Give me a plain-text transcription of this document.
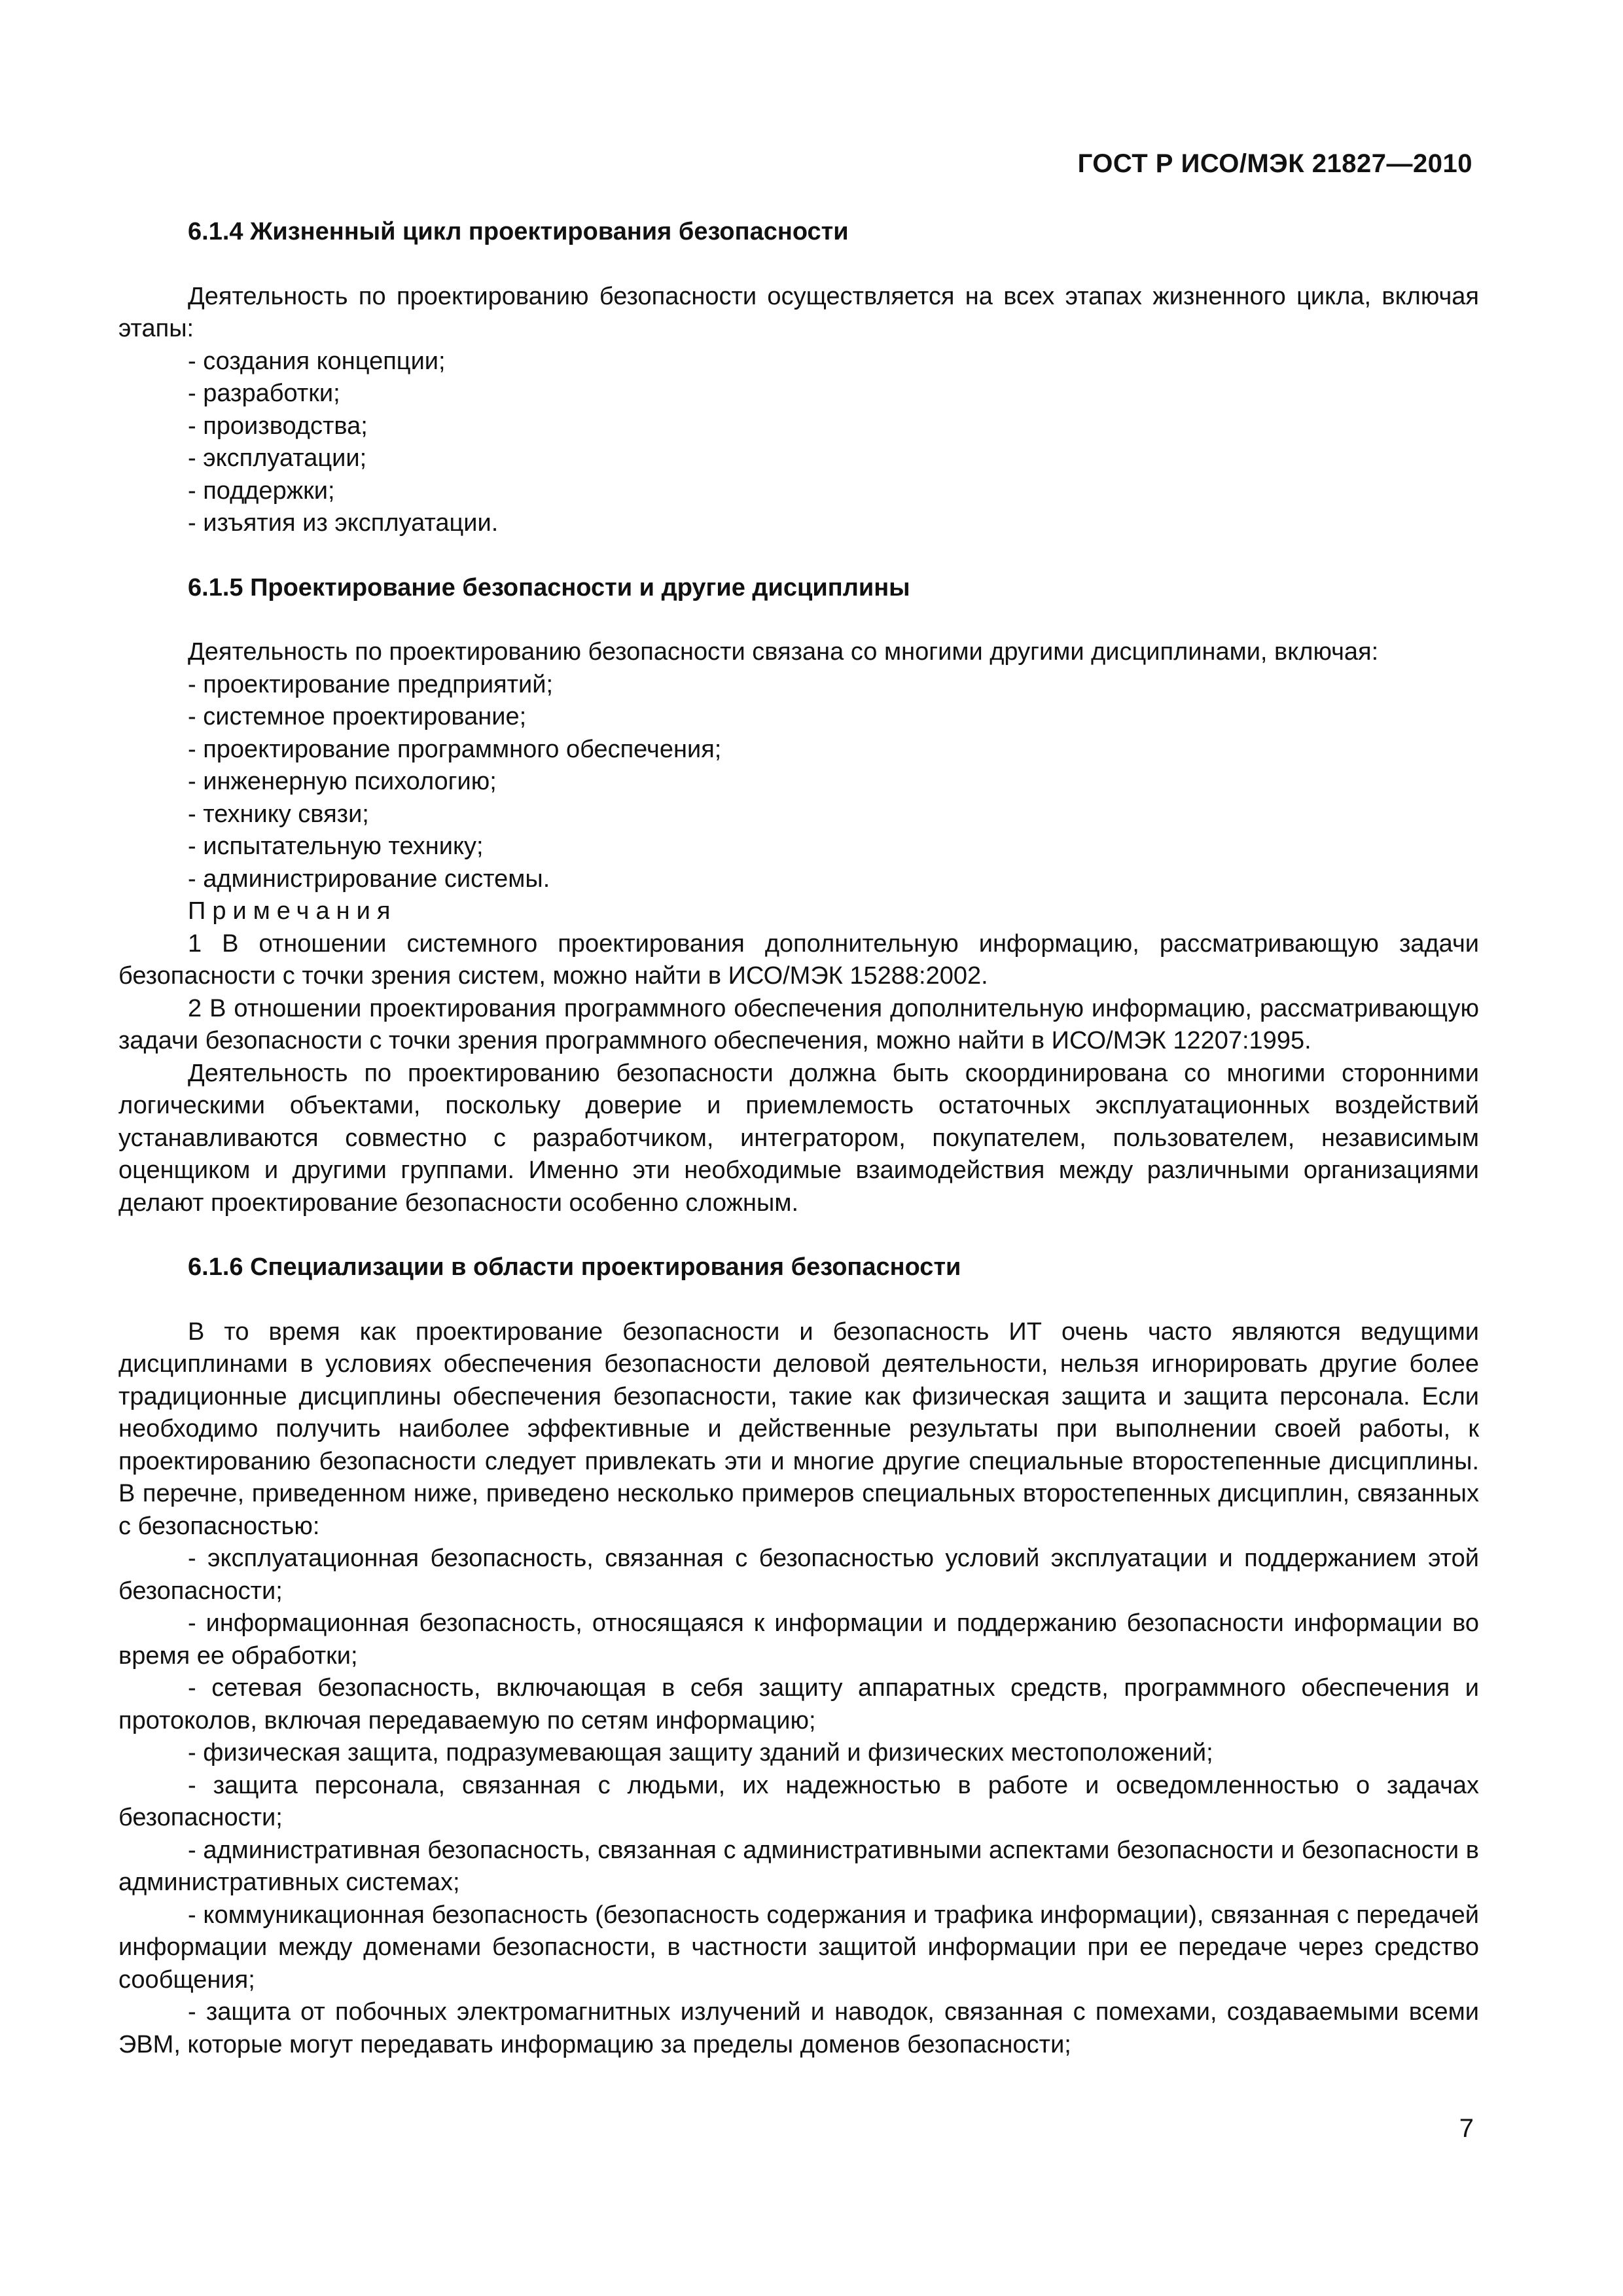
ГОСТ Р ИСО/МЭК 21827—2010

6.1.4 Жизненный цикл проектирования безопасности

Деятельность по проектированию безопасности осуществляется на всех этапах жизненного цикла, включая этапы:

- создания концепции;

- разработки;

- производства;

- эксплуатации;

- поддержки;

- изъятия из эксплуатации.

6.1.5 Проектирование безопасности и другие дисциплины

Деятельность по проектированию безопасности связана со многими другими дисциплинами, включая:

- проектирование предприятий;

- системное проектирование;

- проектирование программного обеспечения;

- инженерную психологию;

- технику связи;

- испытательную технику;

- администрирование системы.

Примечания

1 В отношении системного проектирования дополнительную информацию, рассматривающую задачи безопасности с точки зрения систем, можно найти в ИСО/МЭК 15288:2002.

2 В отношении проектирования программного обеспечения дополнительную информацию, рассматривающую задачи безопасности с точки зрения программного обеспечения, можно найти в ИСО/МЭК 12207:1995.

Деятельность по проектированию безопасности должна быть скоординирована со многими сторонними логическими объектами, поскольку доверие и приемлемость остаточных эксплуатационных воздействий устанавливаются совместно с разработчиком, интегратором, покупателем, пользователем, независимым оценщиком и другими группами. Именно эти необходимые взаимодействия между различными организациями делают проектирование безопасности особенно сложным.

6.1.6 Специализации в области проектирования безопасности

В то время как проектирование безопасности и безопасность ИТ очень часто являются ведущими дисциплинами в условиях обеспечения безопасности деловой деятельности, нельзя игнорировать другие более традиционные дисциплины обеспечения безопасности, такие как физическая защита и защита персонала. Если необходимо получить наиболее эффективные и действенные результаты при выполнении своей работы, к проектированию безопасности следует привлекать эти и многие другие специальные второстепенные дисциплины. В перечне, приведенном ниже, приведено несколько примеров специальных второстепенных дисциплин, связанных с безопасностью:

- эксплуатационная безопасность, связанная с безопасностью условий эксплуатации и поддержанием этой безопасности;

- информационная безопасность, относящаяся к информации и поддержанию безопасности информации во время ее обработки;

- сетевая безопасность, включающая в себя защиту аппаратных средств, программного обеспечения и протоколов, включая передаваемую по сетям информацию;

- физическая защита, подразумевающая защиту зданий и физических местоположений;

- защита персонала, связанная с людьми, их надежностью в работе и осведомленностью о задачах безопасности;

- административная безопасность, связанная с административными аспектами безопасности и безопасности в административных системах;

- коммуникационная безопасность (безопасность содержания и трафика информации), связанная с передачей информации между доменами безопасности, в частности защитой информации при ее передаче через средство сообщения;

- защита от побочных электромагнитных излучений и наводок, связанная с помехами, создаваемыми всеми ЭВМ, которые могут передавать информацию за пределы доменов безопасности;

7
